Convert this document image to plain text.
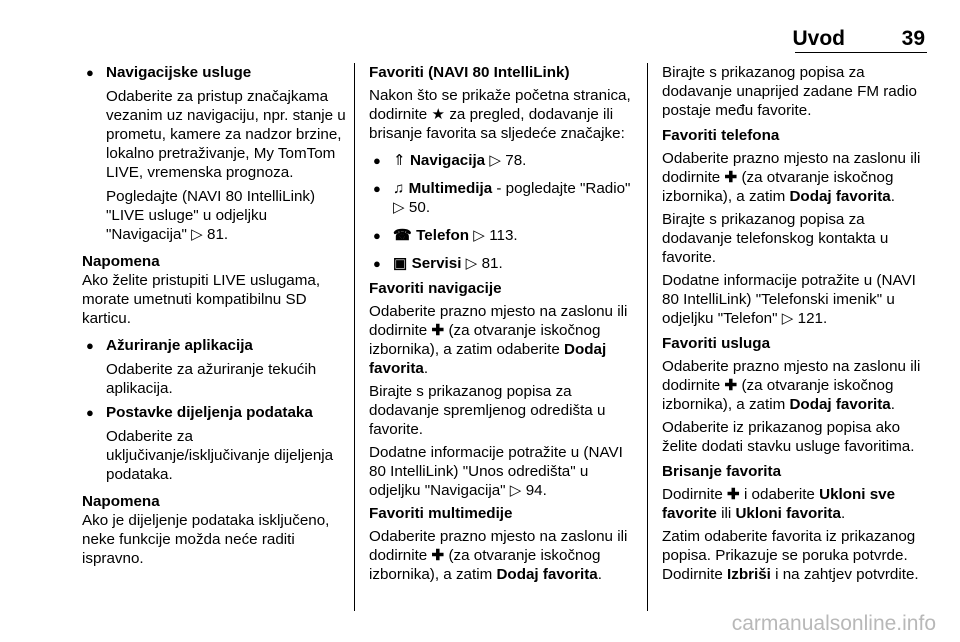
Uvod	39
● Navigacijske usluge
Odaberite za pristup značajkama vezanim uz navigaciju, npr. stanje u prometu, kamere za nadzor brzine, lokalno pretraživanje, My TomTom LIVE, vremenska prognoza.
Pogledajte (NAVI 80 IntelliLink) "LIVE usluge" u odjeljku "Navigacija" ▷ 81.

Napomena

Ako želite pristupiti LIVE uslugama, morate umetnuti kompatibilnu SD karticu.

● Ažuriranje aplikacija
Odaberite za ažuriranje tekućih aplikacija.
● Postavke dijeljenja podataka
Odaberite za uključivanje/isključivanje dijeljenja podataka.

Napomena

Ako je dijeljenje podataka isključeno, neke funkcije možda neće raditi ispravno.

Favoriti (NAVI 80 IntelliLink)

Nakon što se prikaže početna stranica, dodirnite ★ za pregled, dodavanje ili brisanje favorita sa sljedeće značajke:

● ⇑ Navigacija ▷ 78.
● ♫ Multimedija - pogledajte "Radio" ▷ 50.
● ☎ Telefon ▷ 113.
● ▣ Servisi ▷ 81.

Favoriti navigacije

Odaberite prazno mjesto na zaslonu ili dodirnite ✚ (za otvaranje iskočnog izbornika), a zatim odaberite Dodaj favorita.

Birajte s prikazanog popisa za dodavanje spremljenog odredišta u favorite.

Dodatne informacije potražite u (NAVI 80 IntelliLink) "Unos odredišta" u odjeljku "Navigacija" ▷ 94.

Favoriti multimedije

Odaberite prazno mjesto na zaslonu ili dodirnite ✚ (za otvaranje iskočnog izbornika), a zatim Dodaj favorita.

Birajte s prikazanog popisa za dodavanje unaprijed zadane FM radio postaje među favorite.

Favoriti telefona

Odaberite prazno mjesto na zaslonu ili dodirnite ✚ (za otvaranje iskočnog izbornika), a zatim Dodaj favorita.

Birajte s prikazanog popisa za dodavanje telefonskog kontakta u favorite.

Dodatne informacije potražite u (NAVI 80 IntelliLink) "Telefonski imenik" u odjeljku "Telefon" ▷ 121.

Favoriti usluga

Odaberite prazno mjesto na zaslonu ili dodirnite ✚ (za otvaranje iskočnog izbornika), a zatim Dodaj favorita.

Odaberite iz prikazanog popisa ako želite dodati stavku usluge favoritima.

Brisanje favorita

Dodirnite ✚ i odaberite Ukloni sve favorite ili Ukloni favorita.

Zatim odaberite favorita iz prikazanog popisa. Prikazuje se poruka potvrde. Dodirnite Izbriši i na zahtjev potvrdite.

carmanualsonline.info
